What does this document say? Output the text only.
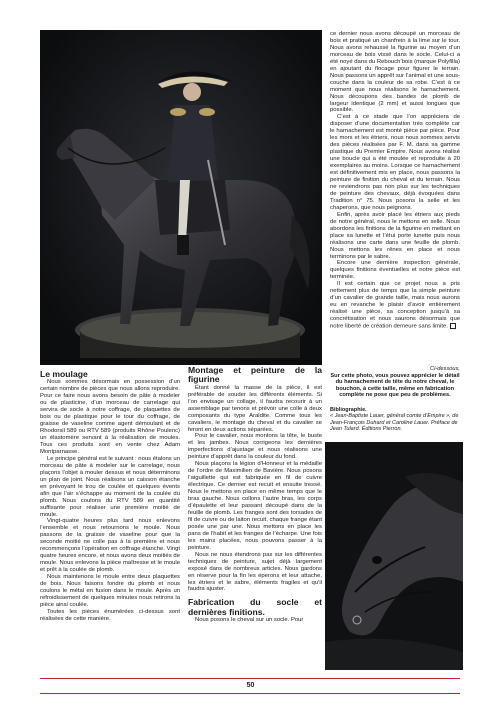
ce dernier nous avons découpé un morceau de bois et pratiqué un chanfrein à la lime sur le tour. Nous avons rehaussé la figurine au moyen d’un morceau de bois vissé dans le socle. Celui-ci a été noyé dans du Rebouch’bois (marque Polyfilla) en ajoutant du flocage pour figurer le terrain. Nous passons un apprêt sur l’animal et une sous-couche dans la couleur de sa robe. C’est à ce moment que nous réalisons le harnachement. Nous découpons des bandes de plomb de largeur identique (2 mm) et aussi longues que possible.

C’est à ce stade que l’on appréciera de disposer d’une documentation très complète car le harnachement est monté pièce par pièce. Pour les mors et les étriers, nous nous sommes servis des pièces réalisées par F. M. dans sa gamme plastique du Premier Empire. Nous avons réalisé une boucle qui a été moulée et reproduite à 20 exemplaires au moins. Lorsque ce harnachement est définitivement mis en place, nous passons la peinture de finition du cheval et du terrain. Nous ne reviendrons pas non plus sur les techniques de peinture des chevaux, déjà évoquées dans Tradition n° 75. Nous posons la selle et les chaperons, que nous peignons.

Enfin, après avoir placé les étriers aux pieds de notre général, nous le mettons en selle. Nous abordons les finitions de la figurine en mettant en place sa lunette et l’étui porte lunette puis nous réalisons une carte dans une feuille de plomb. Nous mettons les rênes en place et nous terminons par le sabre.

Encore une dernière inspection générale, quelques finitions éventuelles et notre pièce est terminée.

Il est certain que ce projet nous a pris nettement plus de temps que la simple peinture d’un cavalier de grande taille, mais nous aurons eu en revanche le plaisir d’avoir entièrement réalisé une pièce, sa conception jusqu’à sa concrétisation et nous saurons désormais que notre liberté de création demeure sans limite.

Ci-dessous,
Sur cette photo, vous pouvez apprécier le détail du harnachement de tête du notre cheval, le bouchon, à cette taille, même en fabrication complète ne pose que peu de problèmes.
Bibliographie.
« Jean-Baptiste Lauer, général comte d’Empire », de Jean-François Duhard et Caroline Lauer. Préface de Jean Tulard. Éditions Pierron.
Le moulage

Nous sommes désormais en possession d’un certain nombre de pièces que nous allons reproduire. Pour ce faire nous avons besoin de pâte à modeler ou de plasticine, d’un morceau de carrelage qui servira de socle à notre coffrage, de plaquettes de bois ou de plastique pour le tour du coffrage, de graisse de vaseline comme agent démoulant et de Rhodorsil 589 ou RTV 589 (produits Rhône Poulenc) un élastomère servant à la réalisation de moules. Tous ces produits sont en vente chez Adam Montparnasse.

Le principe général est le suivant : nous étalons un morceau de pâte à modeler sur le carrelage, nous plaçons l’objet à mouler dessus et nous déterminons un plan de joint. Nous réalisons un caisson étanche en prévoyant le trou de coulée et quelques évents afin que l’air s’échappe au moment de la coulée du plomb. Nous coulons du RTV 589 en quantité suffisante pour réaliser une première moitié de moule.

Vingt-quatre heures plus tard nous enlevons l’ensemble et nous retournons le moule. Nous passons de la graisse de vaseline pour que la seconde moitié ne colle pas à la première et nous recommençons l’opération en coffrage étanche. Vingt quatre heures encore, et nous avons deux moitiés de moule. Nous enlevons la pièce maîtresse et le moule et prêt à la coulée de plomb.

Nous maintenons le moule entre deux plaquettes de bois. Nous faisons fondre du plomb et nous coulons le métal en fusion dans le moule. Après un refroidissement de quelques minutes nous retirons la pièce ainsi coulée.

Toutes les pièces énumérées ci-dessus sont réalisées de cette manière.

Montage et peinture de la figurine

Étant donné la masse de la pièce, il est préférable de souder les différents éléments. Si l’on envisage un collage, il faudra recourir à un assemblage par tenons et prévoir une colle à deux composants du type Araldite. Comme tous les cavaliers, le montage du cheval et du cavalier se feront en deux actions séparées.

Pour le cavalier, nous montons la tête, le buste et les jambes. Nous corrigeons les dernières imperfections d’ajustage et nous réalisons une peinture d’apprêt dans la couleur du fond.

Nous plaçons la légion d’Honneur et la médaille de l’ordre de Maximilien de Bavière. Nous posons l’aiguillette qui est fabriquée en fil de cuivre électrique. Ce dernier est recuit et ensuite tressé. Nous le mettons en place en même temps que le bras gauche. Nous collons l’autre bras, les corps d’épaulette et leur passant découpé dans de la feuille de plomb. Les franges sont des torsades de fil de cuivre ou de laiton recuit, chaque frange étant posée une par une. Nous mettons en place les pans de l’habit et les franges de l’écharpe. Une fois les mains placées, nous pouvons passer à la peinture.

Nous ne nous étendrons pas sur les différentes techniques de peinture, sujet déjà largement exposé dans de nombreux articles. Nous gardons en réserve pour la fin les éperons et leur attache, les étriers et le sabre, éléments fragiles et qu’il faudra ajuster.

Fabrication du socle et dernières finitions.

Nous posons le cheval sur un socle. Pour

50
